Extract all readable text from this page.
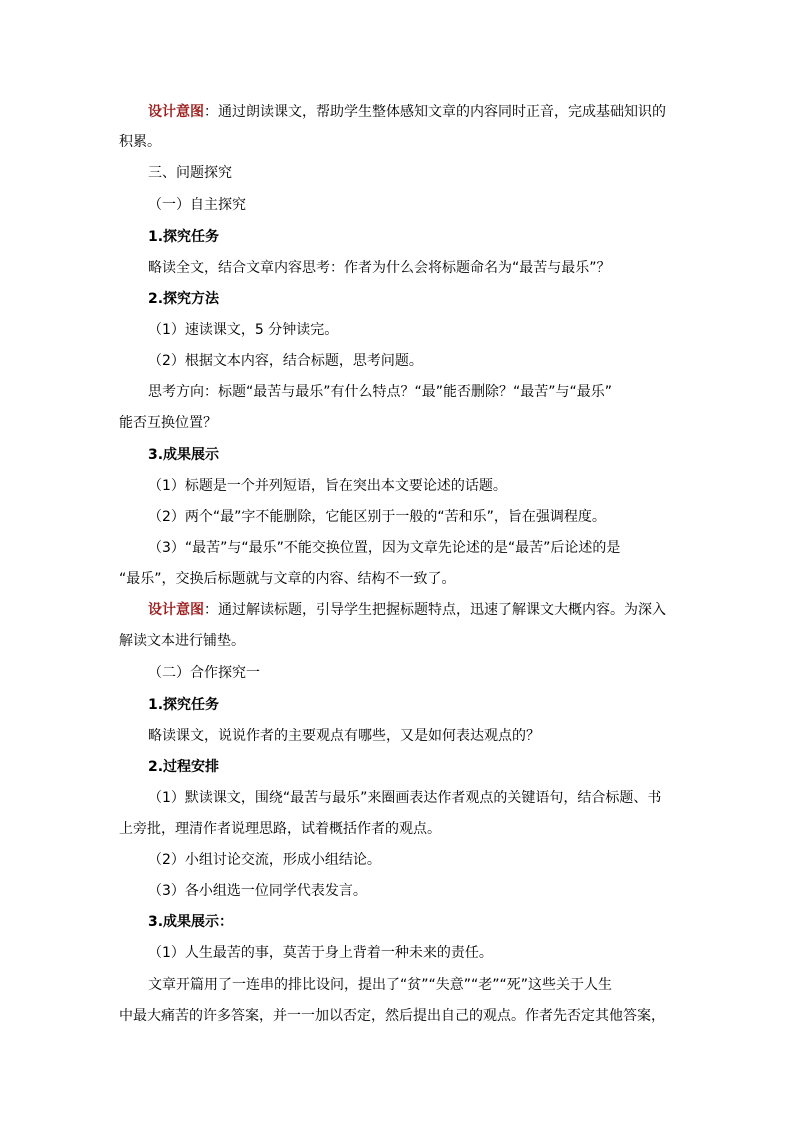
设计意图：通过朗读课文，帮助学生整体感知文章的内容同时正音，完成基础知识的
积累。
三、问题探究
（一）自主探究
1.探究任务
略读全文，结合文章内容思考：作者为什么会将标题命名为“最苦与最乐”？
2.探究方法
（1）速读课文，5 分钟读完。
（2）根据文本内容，结合标题，思考问题。
思考方向：标题“最苦与最乐”有什么特点？“最”能否删除？“最苦”与“最乐”
能否互换位置？
3.成果展示
（1）标题是一个并列短语，旨在突出本文要论述的话题。
（2）两个“最”字不能删除，它能区别于一般的“苦和乐”，旨在强调程度。
（3）“最苦”与“最乐”不能交换位置，因为文章先论述的是“最苦”后论述的是
“最乐”，交换后标题就与文章的内容、结构不一致了。
设计意图：通过解读标题，引导学生把握标题特点，迅速了解课文大概内容。为深入
解读文本进行铺垫。
（二）合作探究一
1.探究任务
略读课文，说说作者的主要观点有哪些，又是如何表达观点的？
2.过程安排
（1）默读课文，围绕“最苦与最乐”来圈画表达作者观点的关键语句，结合标题、书
上旁批，理清作者说理思路，试着概括作者的观点。
（2）小组讨论交流，形成小组结论。
（3）各小组选一位同学代表发言。
3.成果展示：
（1）人生最苦的事，莫苦于身上背着一种未来的责任。
文章开篇用了一连串的排比设问，提出了“贫”“失意”“老”“死”这些关于人生
中最大痛苦的许多答案，并一一加以否定，然后提出自己的观点。作者先否定其他答案，
